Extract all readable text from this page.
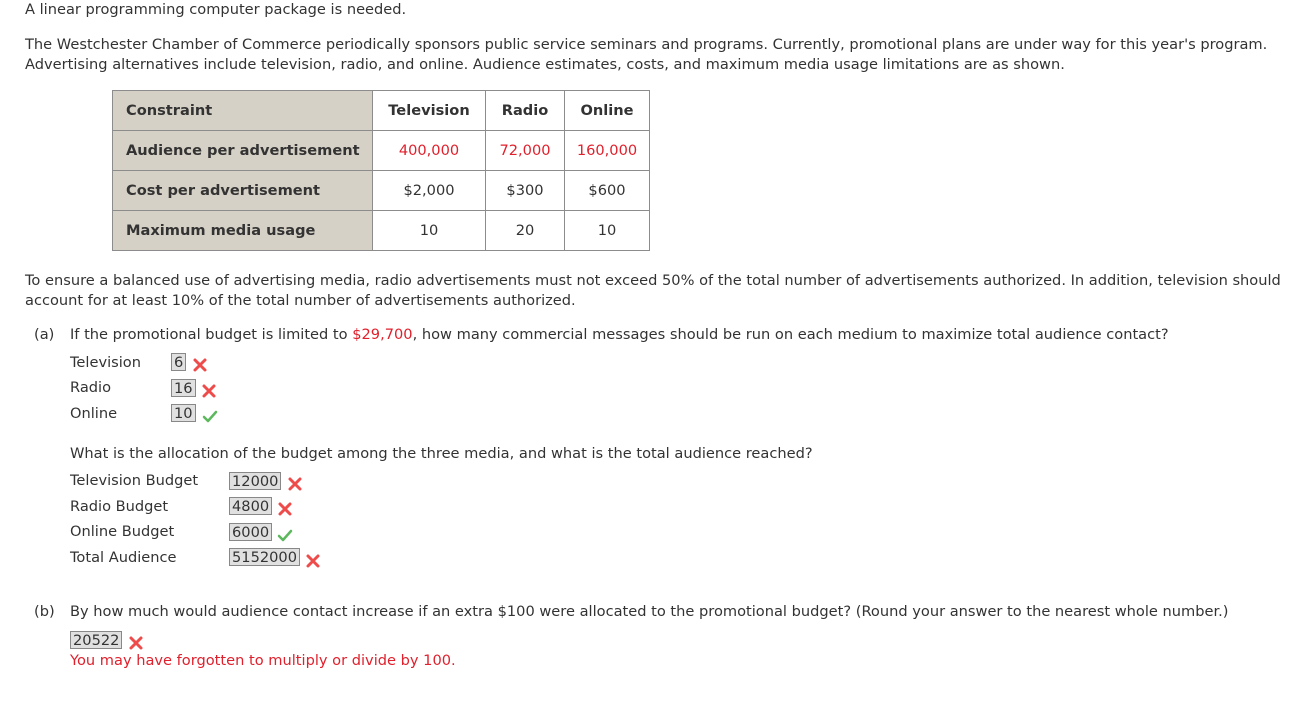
A linear programming computer package is needed.
The Westchester Chamber of Commerce periodically sponsors public service seminars and programs. Currently, promotional plans are under way for this year's program. Advertising alternatives include television, radio, and online. Audience estimates, costs, and maximum media usage limitations are as shown.
Constraint	Television	Radio	Online
Audience per advertisement	400,000	72,000	160,000
Cost per advertisement	$2,000	$300	$600
Maximum media usage	10	20	10
To ensure a balanced use of advertising media, radio advertisements must not exceed 50% of the total number of advertisements authorized. In addition, television should account for at least 10% of the total number of advertisements authorized.
(a) If the promotional budget is limited to $29,700, how many commercial messages should be run on each medium to maximize total audience contact?
Television 6
Radio	16
Online	10
What is the allocation of the budget among the three media, and what is the total audience reached?
Television Budget 12000
Radio Budget	4800
Online Budget	6000
Total Audience	5152000
(b) By how much would audience contact increase if an extra $100 were allocated to the promotional budget? (Round your answer to the nearest whole number.)
20522
You may have forgotten to multiply or divide by 100.
